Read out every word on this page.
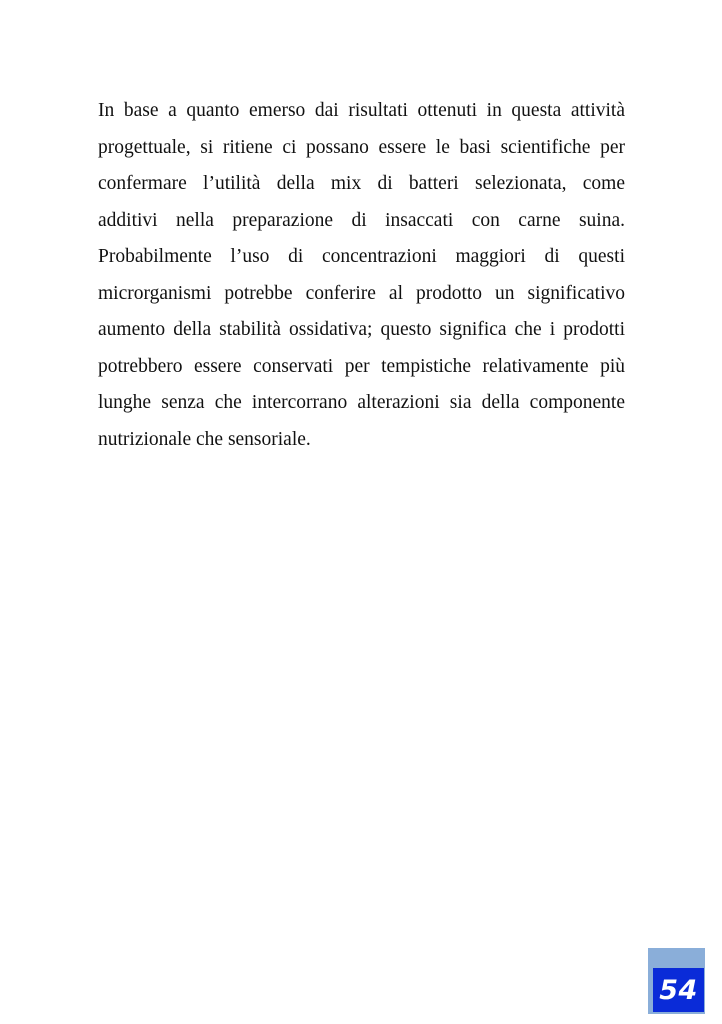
In base a quanto emerso dai risultati ottenuti in questa attività
progettuale, si ritiene ci possano essere le basi scientifiche per
confermare l’utilità della mix di batteri selezionata, come
additivi nella preparazione di insaccati con carne suina.
Probabilmente l’uso di concentrazioni maggiori di questi
microrganismi potrebbe conferire al prodotto un significativo
aumento della stabilità ossidativa; questo significa che i prodotti
potrebbero essere conservati per tempistiche relativamente più
lunghe senza che intercorrano alterazioni sia della componente
nutrizionale che sensoriale.
54
